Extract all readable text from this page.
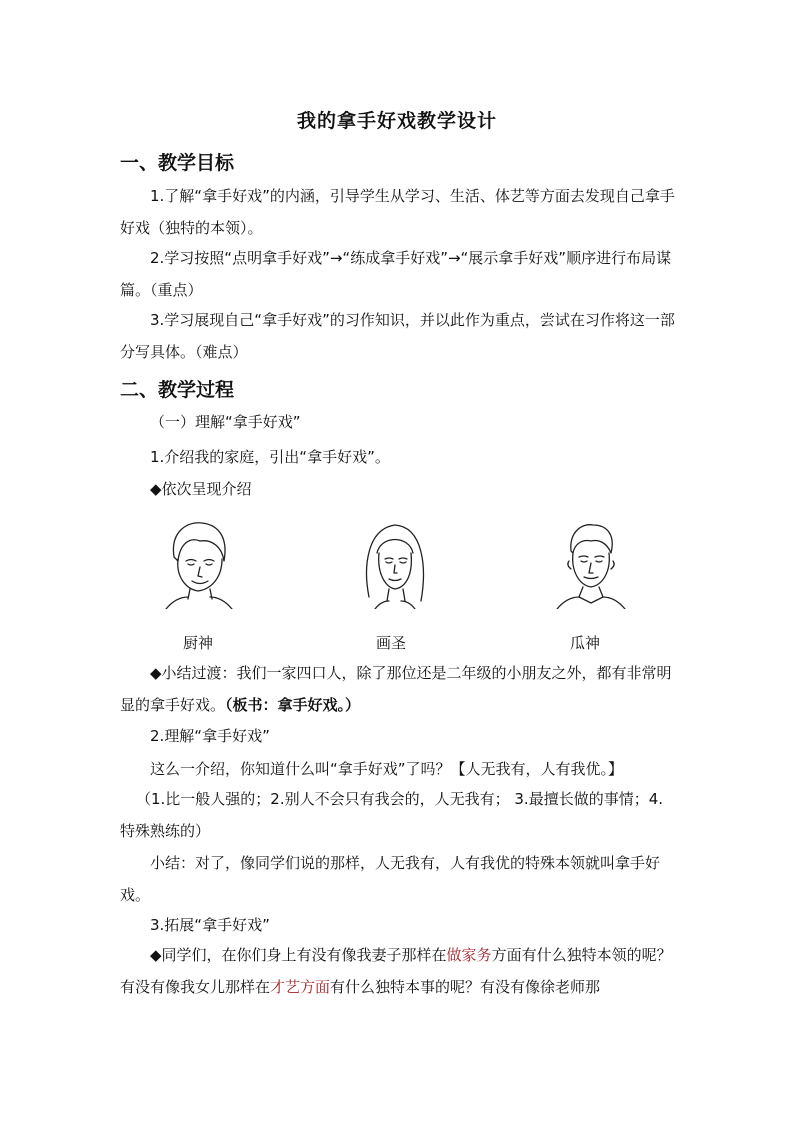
我的拿手好戏教学设计
一、教学目标
1.了解“拿手好戏”的内涵，引导学生从学习、生活、体艺等方面去发现自己拿手好戏（独特的本领）。
2.学习按照“点明拿手好戏”→“练成拿手好戏”→“展示拿手好戏”顺序进行布局谋篇。（重点）
3.学习展现自己“拿手好戏”的习作知识，并以此作为重点，尝试在习作将这一部分写具体。（难点）
二、教学过程
（一）理解“拿手好戏”
1.介绍我的家庭，引出“拿手好戏”。
◆依次呈现介绍
厨神	画圣	瓜神
◆小结过渡：我们一家四口人，除了那位还是二年级的小朋友之外，都有非常明显的拿手好戏。（板书：拿手好戏。）
2.理解“拿手好戏”
这么一介绍，你知道什么叫“拿手好戏”了吗？【人无我有，人有我优。】
（1.比一般人强的；2.别人不会只有我会的，人无我有； 3.最擅长做的事情；4.特殊熟练的）
小结：对了，像同学们说的那样，人无我有，人有我优的特殊本领就叫拿手好戏。
3.拓展“拿手好戏”
◆同学们，在你们身上有没有像我妻子那样在做家务方面有什么独特本领的呢？有没有像我女儿那样在才艺方面有什么独特本事的呢？有没有像徐老师那
